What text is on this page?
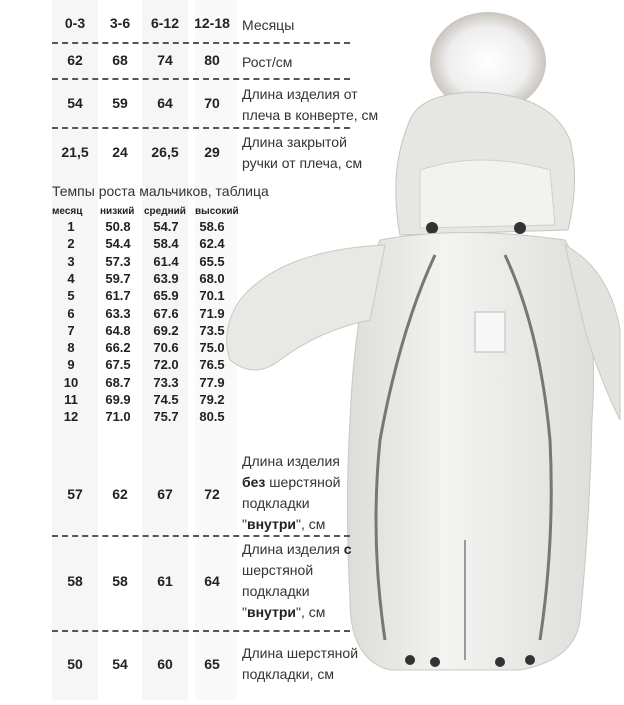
0-3	3-6	6-12	12-18 Месяцы
62	68	74	80	Рост/см
54	59	64	70
Длина изделия от
плеча в конверте, см
21,5	24	26,5	29
Длина закрытой
ручки от плеча, см
Темпы роста мальчиков, таблица
месяц низкий средний высокий
1	50.8	54.7	58.6
2	54.4	58.4	62.4
3	57.3	61.4	65.5
4	59.7	63.9	68.0
5	61.7	65.9	70.1
6	63.3	67.6	71.9
7	64.8	69.2	73.5
8	66.2	70.6	75.0
9	67.5	72.0	76.5
10	68.7	73.3	77.9
11	69.9	74.5	79.2
12	71.0	75.7	80.5
57	62	67	72
Длина изделия
без шерстяной
подкладки
"внутри", см
58	58	61	64
Длина изделия с
шерстяной
подкладки
"внутри", см
50	54	60	65
Длина шерстяной
подкладки, см
